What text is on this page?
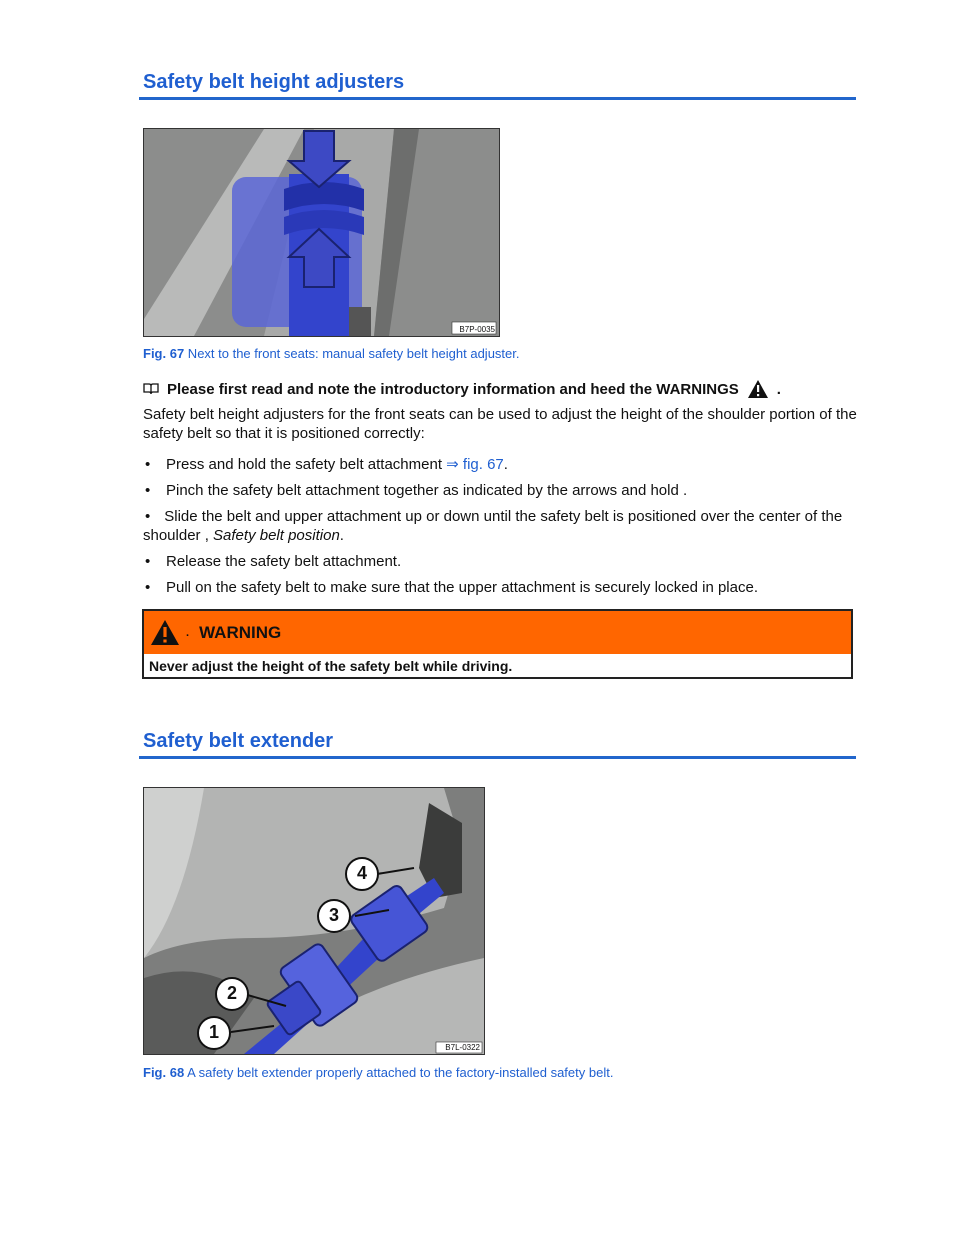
Safety belt height adjusters
B7P-0035
Fig. 67 Next to the front seats: manual safety belt height adjuster.
Please first read and note the introductory information and heed the WARNINGS	.
Safety belt height adjusters for the front seats can be used to adjust the height of the shoulder portion of the safety belt so that it is positioned correctly:
• Press and hold the safety belt attachment ⇒ fig. 67.
• Pinch the safety belt attachment together as indicated by the arrows and hold .
• Slide the belt and upper attachment up or down until the safety belt is positioned over the center of the shoulder , Safety belt position.
• Release the safety belt attachment.
• Pull on the safety belt to make sure that the upper attachment is securely locked in place.
. WARNING
Never adjust the height of the safety belt while driving.
Safety belt extender
4
3
2
1
B7L-0322
Fig. 68 A safety belt extender properly attached to the factory-installed safety belt.
